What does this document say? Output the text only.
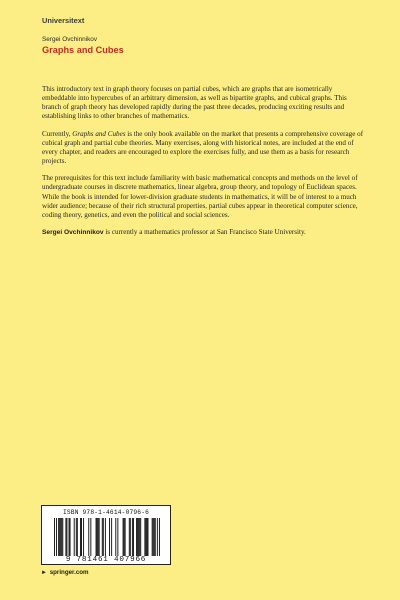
Universitext
Sergei Ovchinnikov
Graphs and Cubes

This introductory text in graph theory focuses on partial cubes, which are graphs that are isometrically embeddable into hypercubes of an arbitrary dimension, as well as bipartite graphs, and cubical graphs. This branch of graph theory has developed rapidly during the past three decades, producing exciting results and establishing links to other branches of mathematics.

Currently, Graphs and Cubes is the only book available on the market that presents a comprehensive coverage of cubical graph and partial cube theories. Many exercises, along with historical notes, are included at the end of every chapter, and readers are encouraged to explore the exercises fully, and use them as a basis for research projects.

The prerequisites for this text include familiarity with basic mathematical concepts and methods on the level of undergraduate courses in discrete mathematics, linear algebra, group theory, and topology of Euclidean spaces. While the book is intended for lower-division graduate students in mathematics, it will be of interest to a much wider audience; because of their rich structural properties, partial cubes appear in theoretical computer science, coding theory, genetics, and even the political and social sciences.

Sergei Ovchinnikov is currently a mathematics professor at San Francisco State University.

ISBN 978-1-4614-0796-6
9 781461 407966
► springer.com
